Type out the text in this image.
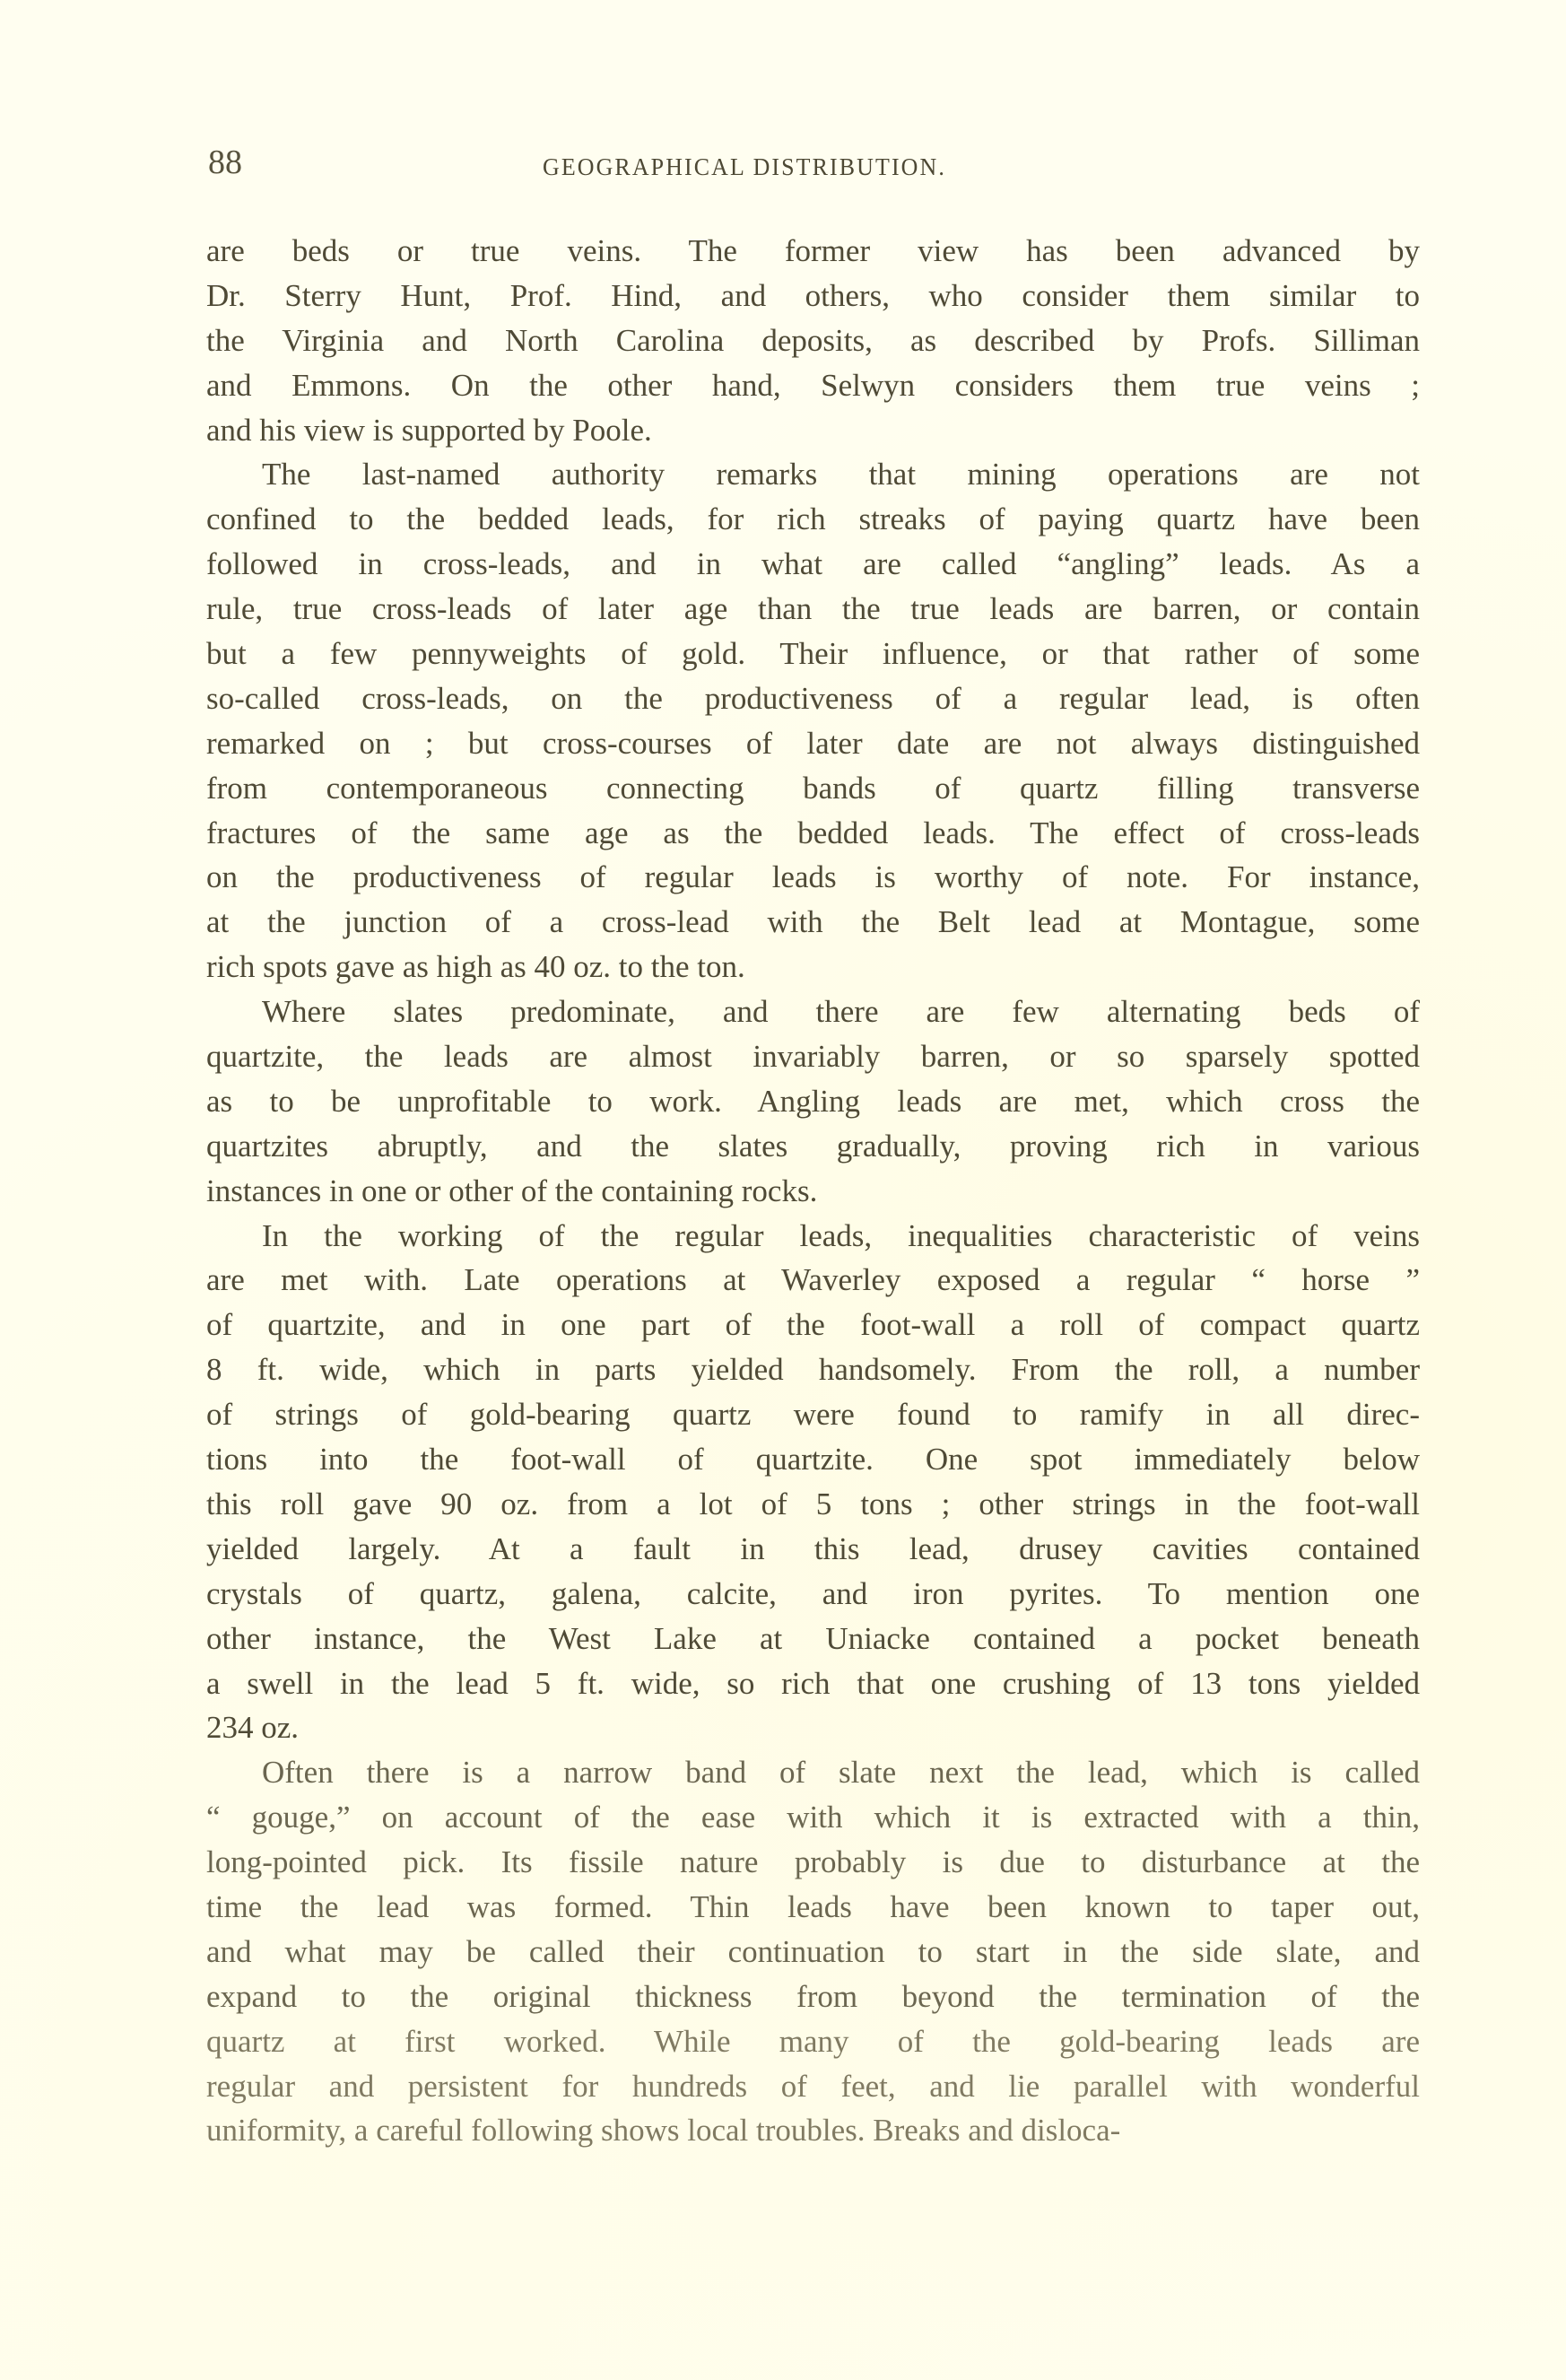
88	GEOGRAPHICAL DISTRIBUTION.
are beds or true veins. The former view has been advanced by
Dr. Sterry Hunt, Prof. Hind, and others, who consider them similar to
the Virginia and North Carolina deposits, as described by Profs. Silliman
and Emmons. On the other hand, Selwyn considers them true veins ;
and his view is supported by Poole.
The last-named authority remarks that mining operations are not
confined to the bedded leads, for rich streaks of paying quartz have been
followed in cross-leads, and in what are called “angling” leads. As a
rule, true cross-leads of later age than the true leads are barren, or contain
but a few pennyweights of gold. Their influence, or that rather of some
so-called cross-leads, on the productiveness of a regular lead, is often
remarked on ; but cross-courses of later date are not always distinguished
from contemporaneous connecting bands of quartz filling transverse
fractures of the same age as the bedded leads. The effect of cross-leads
on the productiveness of regular leads is worthy of note. For instance,
at the junction of a cross-lead with the Belt lead at Montague, some
rich spots gave as high as 40 oz. to the ton.
Where slates predominate, and there are few alternating beds of
quartzite, the leads are almost invariably barren, or so sparsely spotted
as to be unprofitable to work. Angling leads are met, which cross the
quartzites abruptly, and the slates gradually, proving rich in various
instances in one or other of the containing rocks.
In the working of the regular leads, inequalities characteristic of veins
are met with. Late operations at Waverley exposed a regular “ horse ”
of quartzite, and in one part of the foot-wall a roll of compact quartz
8 ft. wide, which in parts yielded handsomely. From the roll, a number
of strings of gold-bearing quartz were found to ramify in all direc-
tions into the foot-wall of quartzite. One spot immediately below
this roll gave 90 oz. from a lot of 5 tons ; other strings in the foot-wall
yielded largely. At a fault in this lead, drusey cavities contained
crystals of quartz, galena, calcite, and iron pyrites. To mention one
other instance, the West Lake at Uniacke contained a pocket beneath
a swell in the lead 5 ft. wide, so rich that one crushing of 13 tons yielded
234 oz.
Often there is a narrow band of slate next the lead, which is called
“ gouge,” on account of the ease with which it is extracted with a thin,
long-pointed pick. Its fissile nature probably is due to disturbance at the
time the lead was formed. Thin leads have been known to taper out,
and what may be called their continuation to start in the side slate, and
expand to the original thickness from beyond the termination of the
quartz at first worked. While many of the gold-bearing leads are
regular and persistent for hundreds of feet, and lie parallel with wonderful
uniformity, a careful following shows local troubles. Breaks and disloca-
